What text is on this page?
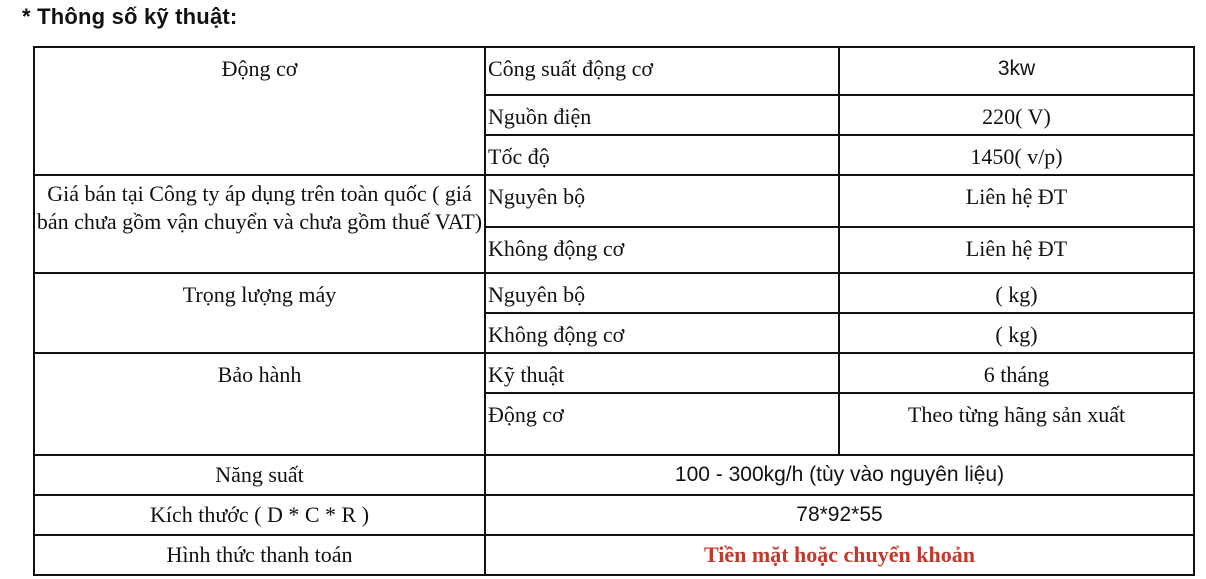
* Thông số kỹ thuật:
Động cơ	Công suất động cơ	3kw
	Nguồn điện	220( V)
	Tốc độ	1450( v/p)
Giá bán tại Công ty áp dụng trên toàn quốc ( giá bán chưa gồm vận chuyển và chưa gồm thuế VAT)	Nguyên bộ	Liên hệ ĐT
	Không động cơ	Liên hệ ĐT
Trọng lượng máy	Nguyên bộ	( kg)
	Không động cơ	( kg)
Bảo hành	Kỹ thuật	6 tháng
	Động cơ	Theo từng hãng sản xuất
Năng suất	100 - 300kg/h (tùy vào nguyên liệu)	
Kích thước ( D * C * R )	78*92*55	
Hình thức thanh toán	Tiền mặt hoặc chuyển khoản	
